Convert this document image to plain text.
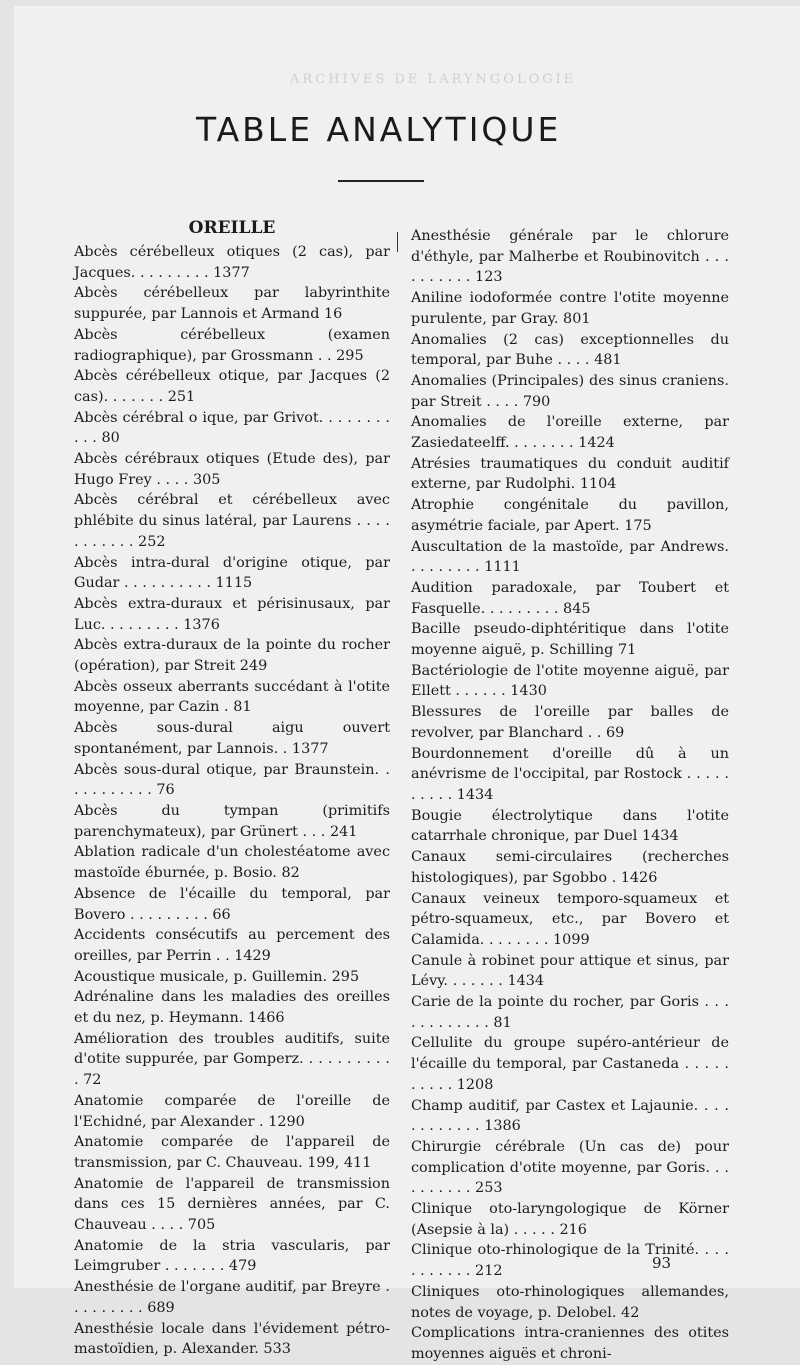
ARCHIVES DE LARYNGOLOGIE
TABLE ANALYTIQUE
OREILLE
Abcès cérébelleux otiques (2 cas), par Jacques. . . . . . . . . 1377
Abcès cérébelleux par labyrinthite suppurée, par Lannois et Armand 16
Abcès cérébelleux (examen radiographique), par Grossmann . . 295
Abcès cérébelleux otique, par Jacques (2 cas). . . . . . . 251
Abcès cérébral o ique, par Grivot. . . . . . . . . . . 80
Abcès cérébraux otiques (Etude des), par Hugo Frey . . . . 305
Abcès cérébral et cérébelleux avec phlébite du sinus latéral, par Laurens . . . . . . . . . . . 252
Abcès intra-dural d'origine otique, par Gudar . . . . . . . . . . 1115
Abcès extra-duraux et périsinusaux, par Luc. . . . . . . . . 1376
Abcès extra-duraux de la pointe du rocher (opération), par Streit 249
Abcès osseux aberrants succédant à l'otite moyenne, par Cazin . 81
Abcès sous-dural aigu ouvert spontanément, par Lannois. . 1377
Abcès sous-dural otique, par Braunstein. . . . . . . . . . . 76
Abcès du tympan (primitifs parenchymateux), par Grünert . . . 241
Ablation radicale d'un cholestéatome avec mastoïde éburnée, p. Bosio. 82
Absence de l'écaille du temporal, par Bovero . . . . . . . . . 66
Accidents consécutifs au percement des oreilles, par Perrin . . 1429
Acoustique musicale, p. Guillemin. 295
Adrénaline dans les maladies des oreilles et du nez, p. Heymann. 1466
Amélioration des troubles auditifs, suite d'otite suppurée, par Gomperz. . . . . . . . . . . 72
Anatomie comparée de l'oreille de l'Echidné, par Alexander . 1290
Anatomie comparée de l'appareil de transmission, par C. Chauveau. 199, 411
Anatomie de l'appareil de transmission dans ces 15 dernières années, par C. Chauveau . . . . 705
Anatomie de la stria vascularis, par Leimgruber . . . . . . . 479
Anesthésie de l'organe auditif, par Breyre . . . . . . . . . 689
Anesthésie locale dans l'évidement pétro-mastoïdien, p. Alexander. 533
Anesthésie générale par le chlorure d'éthyle, par Malherbe et Roubinovitch . . . . . . . . . . 123
Aniline iodoformée contre l'otite moyenne purulente, par Gray. 801
Anomalies (2 cas) exceptionnelles du temporal, par Buhe . . . . 481
Anomalies (Principales) des sinus craniens. par Streit . . . . 790
Anomalies de l'oreille externe, par Zasiedateelff. . . . . . . . 1424
Atrésies traumatiques du conduit auditif externe, par Rudolphi. 1104
Atrophie congénitale du pavillon, asymétrie faciale, par Apert. 175
Auscultation de la mastoïde, par Andrews. . . . . . . . . 1111
Audition paradoxale, par Toubert et Fasquelle. . . . . . . . . 845
Bacille pseudo-diphtéritique dans l'otite moyenne aiguë, p. Schilling 71
Bactériologie de l'otite moyenne aiguë, par Ellett . . . . . . 1430
Blessures de l'oreille par balles de revolver, par Blanchard . . 69
Bourdonnement d'oreille dû à un anévrisme de l'occipital, par Rostock . . . . . . . . . . 1434
Bougie électrolytique dans l'otite catarrhale chronique, par Duel 1434
Canaux semi-circulaires (recherches histologiques), par Sgobbo . 1426
Canaux veineux temporo-squameux et pétro-squameux, etc., par Bovero et Calamida. . . . . . . . 1099
Canule à robinet pour attique et sinus, par Lévy. . . . . . . 1434
Carie de la pointe du rocher, par Goris . . . . . . . . . . . . 81
Cellulite du groupe supéro-antérieur de l'écaille du temporal, par Castaneda . . . . . . . . . . 1208
Champ auditif, par Castex et Lajaunie. . . . . . . . . . . . 1386
Chirurgie cérébrale (Un cas de) pour complication d'otite moyenne, par Goris. . . . . . . . . . 253
Clinique oto-laryngologique de Körner (Asepsie à la) . . . . . 216
Clinique oto-rhinologique de la Trinité. . . . . . . . . . . 212
Cliniques oto-rhinologiques allemandes, notes de voyage, p. Delobel. 42
Complications intra-craniennes des otites moyennes aiguës et chroni-
93
